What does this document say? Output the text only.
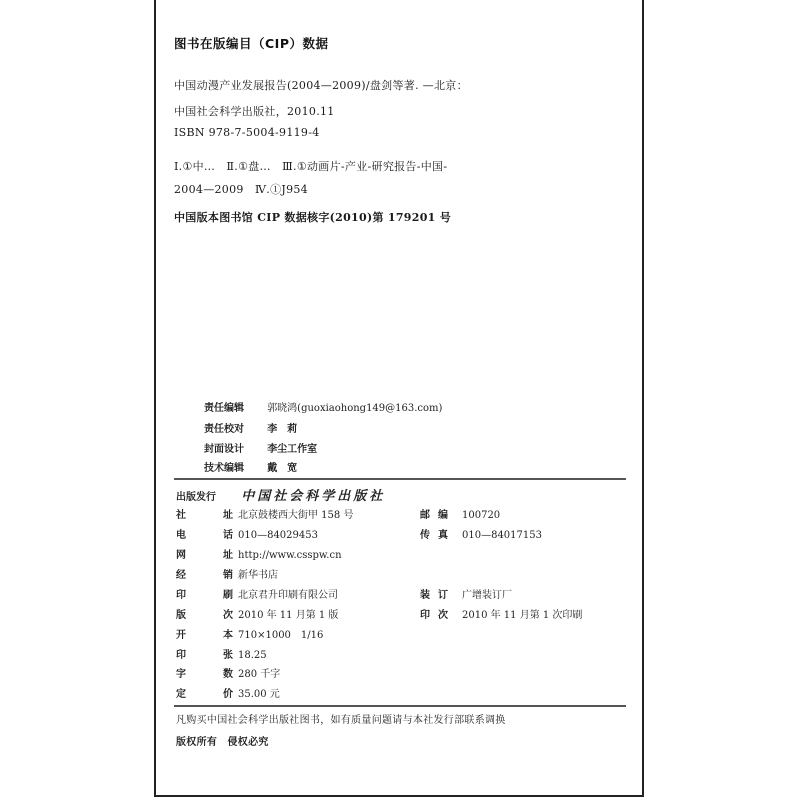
图书在版编目（CIP）数据
中国动漫产业发展报告(2004—2009)/盘剑等著. —北京：
中国社会科学出版社，2010.11
ISBN 978-7-5004-9119-4
Ⅰ.①中…　Ⅱ.①盘…　Ⅲ.①动画片-产业-研究报告-中国-
2004—2009　Ⅳ.①J954
中国版本图书馆 CIP 数据核字(2010)第 179201 号
责任编辑 郭晓鸿(guoxiaohong149@163.com)
责任校对 李　莉
封面设计 李尘工作室
技术编辑 戴　宽
出版发行 中国社会科学出版社
社	址 北京鼓楼西大街甲 158 号	邮 编 100720
电	话 010—84029453	传 真 010—84017153
网	址 http://www.csspw.cn
经	销 新华书店
印	刷 北京君升印刷有限公司	装 订 广增装订厂
版	次 2010 年 11 月第 1 版	印 次 2010 年 11 月第 1 次印刷
开	本 710×1000　1/16
印	张 18.25
字	数 280 千字
定	价 35.00 元
凡购买中国社会科学出版社图书，如有质量问题请与本社发行部联系调换
版权所有　侵权必究
